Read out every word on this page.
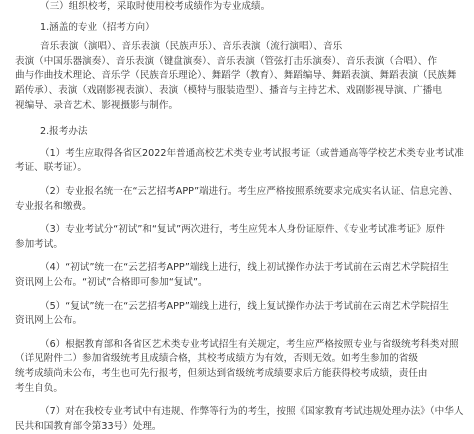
（三）组织校考，采取时使用校考成绩作为专业成绩。

1.涵盖的专业（招考方向）

音乐表演（演唱）、音乐表演（民族声乐）、音乐表演（流行演唱）、音乐

表演（中国乐器演奏）、音乐表演（键盘演奏）、音乐表演（管弦打击乐演奏）、音乐表演（合唱）、作

曲与作曲技术理论、音乐学（民族音乐理论）、舞蹈学（教育）、舞蹈编导、舞蹈表演、舞蹈表演（民族舞

蹈传承）、表演（戏剧影视表演）、表演（模特与服装造型）、播音与主持艺术、戏剧影视导演、广播电

视编导、录音艺术、影视摄影与制作。

2.报考办法

（1）考生应取得各省区2022年普通高校艺术类专业考试报考证（或普通高等学校艺术类专业考试准

考证、联考证）。

（2）专业报名统一在“云艺招考APP”端进行。考生应严格按照系统要求完成实名认证、信息完善、

专业报名和缴费。

（3）专业考试分“初试”和“复试”两次进行，考生应凭本人身份证原件、《专业考试准考证》原件

参加考试。

（4）“初试”统一在“云艺招考APP”端线上进行，线上初试操作办法于考试前在云南艺术学院招生

资讯网上公布。“初试”合格即可参加“复试”。

（5）“复试”统一在“云艺招考APP”端线上进行，线上复试操作办法于考试前在云南艺术学院招生

资讯网上公布。

（6）根据教育部和各省区艺术类专业考试招生有关规定，考生应严格按照专业与省级统考科类对照

（详见附件二）参加省级统考且成绩合格，其校考成绩方为有效，否则无效。如考生参加的省级

统考成绩尚未公布，考生也可先行报考，但须达到省级统考成绩要求后方能获得校考成绩，责任由

考生自负。

（7）对在我校专业考试中有违规、作弊等行为的考生，按照《国家教育考试违规处理办法》（中华人

民共和国教育部令第33号）处理。
